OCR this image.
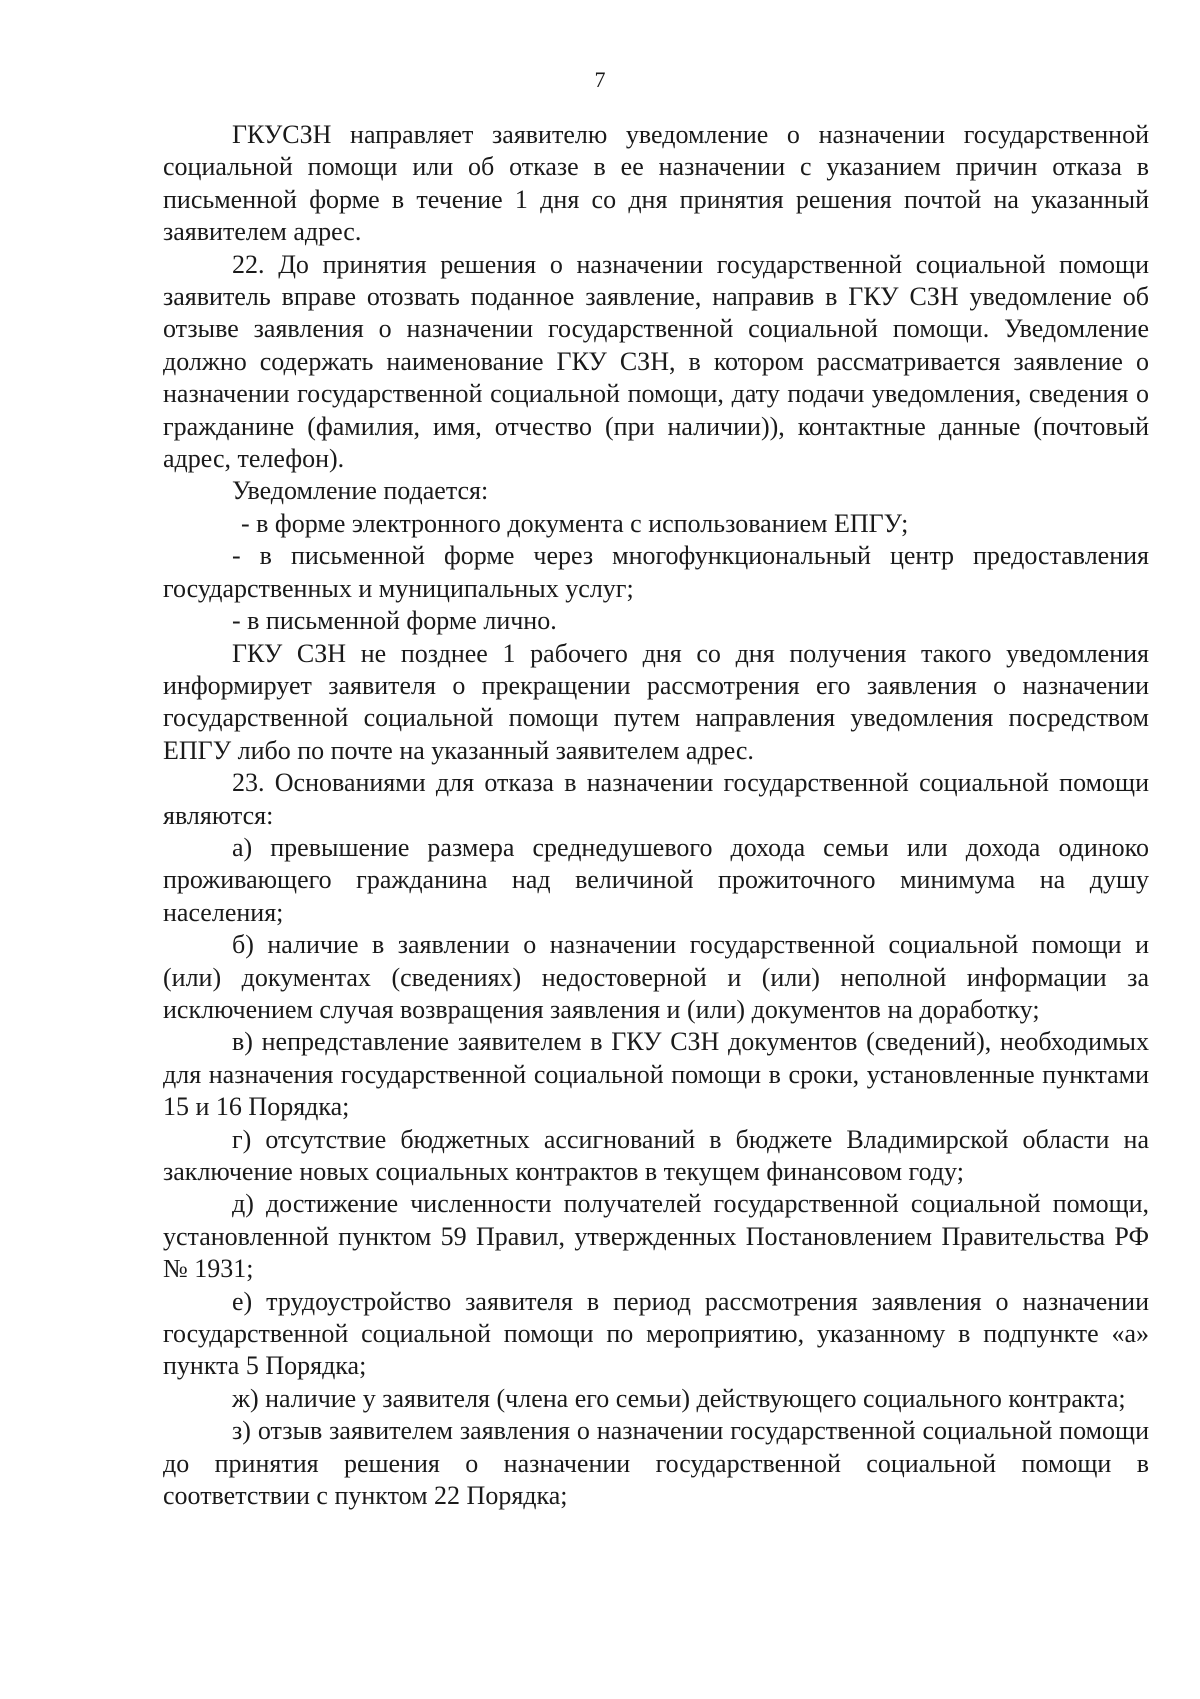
7

ГКУСЗН направляет заявителю уведомление о назначении государственной социальной помощи или об отказе в ее назначении с указанием причин отказа в письменной форме в течение 1 дня со дня принятия решения почтой на указанный заявителем адрес.

22. До принятия решения о назначении государственной социальной помощи заявитель вправе отозвать поданное заявление, направив в ГКУ СЗН уведомление об отзыве заявления о назначении государственной социальной помощи. Уведомление должно содержать наименование ГКУ СЗН, в котором рассматривается заявление о назначении государственной социальной помощи, дату подачи уведомления, сведения о гражданине (фамилия, имя, отчество (при наличии)), контактные данные (почтовый адрес, телефон).

Уведомление подается:

- в форме электронного документа с использованием ЕПГУ;

- в письменной форме через многофункциональный центр предоставления государственных и муниципальных услуг;

- в письменной форме лично.

ГКУ СЗН не позднее 1 рабочего дня со дня получения такого уведомления информирует заявителя о прекращении рассмотрения его заявления о назначении государственной социальной помощи путем направления уведомления посредством ЕПГУ либо по почте на указанный заявителем адрес.

23. Основаниями для отказа в назначении государственной социальной помощи являются:

а) превышение размера среднедушевого дохода семьи или дохода одиноко проживающего гражданина над величиной прожиточного минимума на душу населения;

б) наличие в заявлении о назначении государственной социальной помощи и (или) документах (сведениях) недостоверной и (или) неполной информации за исключением случая возвращения заявления и (или) документов на доработку;

в) непредставление заявителем в ГКУ СЗН документов (сведений), необходимых для назначения государственной социальной помощи в сроки, установленные пунктами 15 и 16 Порядка;

г) отсутствие бюджетных ассигнований в бюджете Владимирской области на заключение новых социальных контрактов в текущем финансовом году;

д) достижение численности получателей государственной социальной помощи, установленной пунктом 59 Правил, утвержденных Постановлением Правительства РФ № 1931;

е) трудоустройство заявителя в период рассмотрения заявления о назначении государственной социальной помощи по мероприятию, указанному в подпункте «а» пункта 5 Порядка;

ж) наличие у заявителя (члена его семьи) действующего социального контракта;

з) отзыв заявителем заявления о назначении государственной социальной помощи до принятия решения о назначении государственной социальной помощи в соответствии с пунктом 22 Порядка;
